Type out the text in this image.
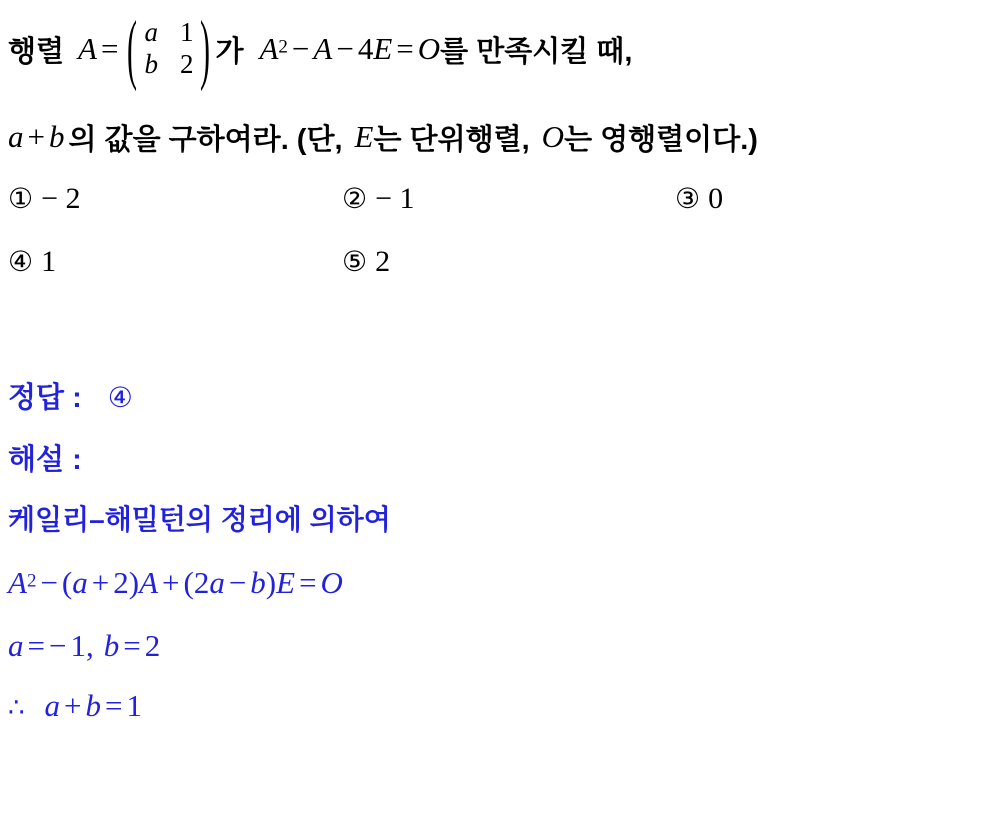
행렬 A = ( a 1
b 2 ) 가 A2 − A − 4E = O 를 만족시킬 때,
a + b 의 값을 구하여라. (단, E 는 단위행렬, O 는 영행렬이다.)
① − 2	② − 1	③ 0
④ 1	⑤ 2
정답 : ④
해설 :
케일리–해밀턴의 정리에 의하여
A2 − (a + 2)A + (2a − b)E = O
a = − 1, b = 2
∴ a + b = 1
